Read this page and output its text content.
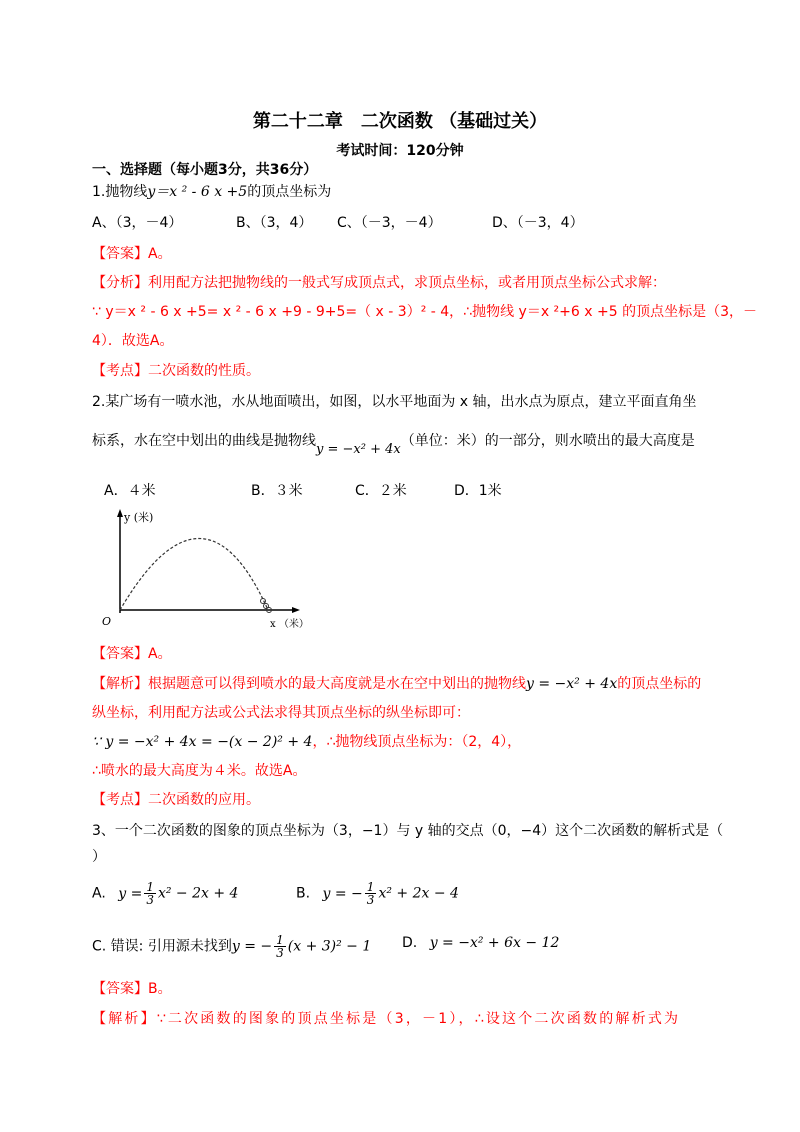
第二十二章　二次函数 （基础过关）
考试时间：120分钟
一、选择题（每小题3分，共36分）
1.抛物线y＝x ² - 6 x +5的顶点坐标为
A、（3，－4）	B、（3，4） C、（－3，－4）	D、（－3，4）
【答案】A。
【分析】利用配方法把抛物线的一般式写成顶点式，求顶点坐标，或者用顶点坐标公式求解：
∵ y＝x ² - 6 x +5= x ² - 6 x +9 - 9+5=（ x - 3）² - 4，∴抛物线 y＝x ²+6 x +5 的顶点坐标是（3，－
4）．故选A。
【考点】二次函数的性质。
2.某广场有一喷水池，水从地面喷出，如图，以水平地面为 x 轴，出水点为原点，建立平面直角坐
标系，水在空中划出的曲线是抛物线y = −x² + 4x（单位：米）的一部分，则水喷出的最大高度是
A．４米	B．３米	C．２米	D．1米
y (米)
x （米）
O
【答案】A。
【解析】根据题意可以得到喷水的最大高度就是水在空中划出的抛物线y = −x² + 4x的顶点坐标的
纵坐标，利用配方法或公式法求得其顶点坐标的纵坐标即可：
∵ y = −x² + 4x = −(x − 2)² + 4，∴抛物线顶点坐标为：（2，4），
∴喷水的最大高度为４米。故选A。
【考点】二次函数的应用。
3、一个二次函数的图象的顶点坐标为（3，−1）与 y 轴的交点（0，−4）这个二次函数的解析式是（
）
A. $y = \frac{1}{3} x^2 - 2x + 4$	B. y = − $\frac{1}{3} x^2 + 2x - 4$
C. 错误: 引用源未找到y = − $\frac{1}{3} (x + 3)^2 - 1$ D. y = −x² + 6x − 12
【答案】B。
【解析】∵二次函数的图象的顶点坐标是（3，－1），∴设这个二次函数的解析式为
